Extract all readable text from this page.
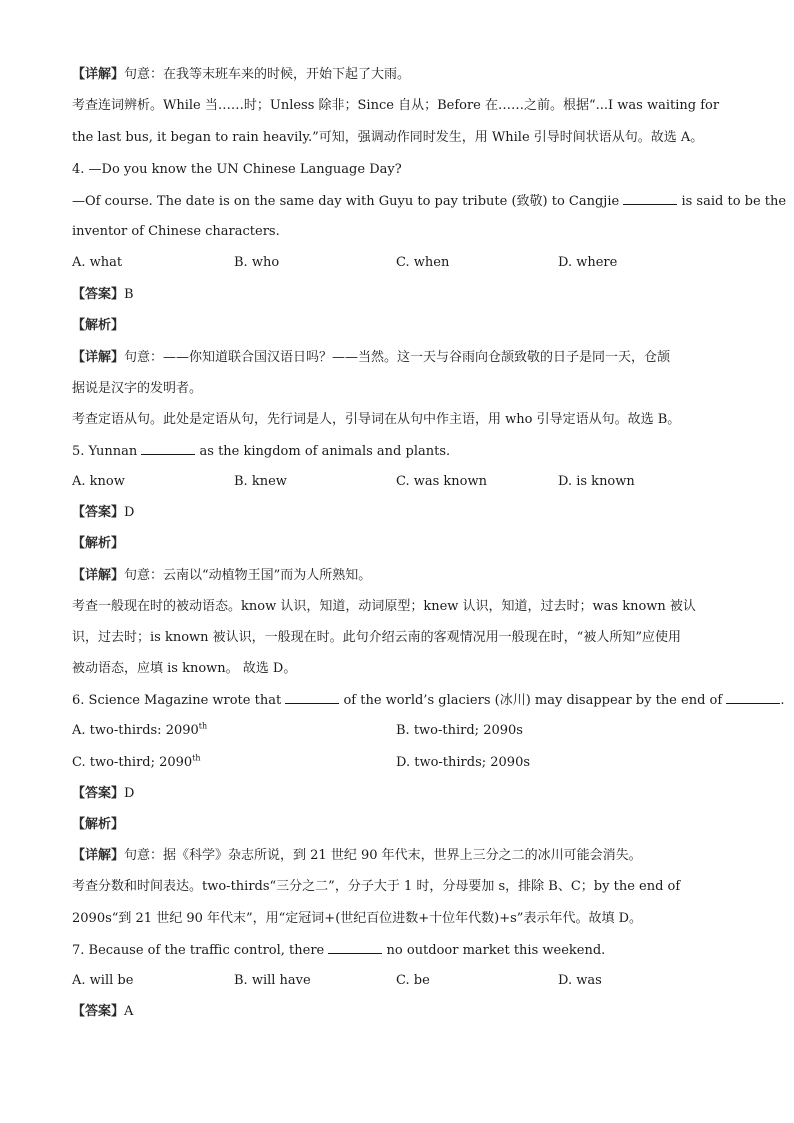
【详解】句意：在我等末班车来的时候，开始下起了大雨。
考查连词辨析。While 当……时；Unless 除非；Since 自从；Before 在……之前。根据“...I was waiting for
the last bus, it began to rain heavily.”可知，强调动作同时发生，用 While 引导时间状语从句。故选 A。
4. —Do you know the UN Chinese Language Day?
—Of course. The date is on the same day with Guyu to pay tribute (致敬) to Cangjie	is said to be the
inventor of Chinese characters.
A. what	B. who	C. when	D. where
【答案】B
【解析】
【详解】句意：——你知道联合国汉语日吗？——当然。这一天与谷雨向仓颉致敬的日子是同一天，仓颉
据说是汉字的发明者。
考查定语从句。此处是定语从句，先行词是人，引导词在从句中作主语，用 who 引导定语从句。故选 B。
5. Yunnan	as the kingdom of animals and plants.
A. know	B. knew	C. was known	D. is known
【答案】D
【解析】
【详解】句意：云南以“动植物王国”而为人所熟知。
考查一般现在时的被动语态。know 认识，知道，动词原型；knew 认识，知道，过去时；was known 被认
识，过去时；is known 被认识，一般现在时。此句介绍云南的客观情况用一般现在时，“被人所知”应使用
被动语态，应填 is known。 故选 D。
6. Science Magazine wrote that	of the world’s glaciers (冰川) may disappear by the end of	.
A. two-thirds: 2090th	B. two-third; 2090s
C. two-third; 2090th	D. two-thirds; 2090s
【答案】D
【解析】
【详解】句意：据《科学》杂志所说，到 21 世纪 90 年代末，世界上三分之二的冰川可能会消失。
考查分数和时间表达。two-thirds“三分之二”，分子大于 1 时，分母要加 s，排除 B、C；by the end of
2090s“到 21 世纪 90 年代末”，用“定冠词+(世纪百位进数+十位年代数)+s”表示年代。故填 D。
7. Because of the traffic control, there	no outdoor market this weekend.
A. will be	B. will have	C. be	D. was
【答案】A
